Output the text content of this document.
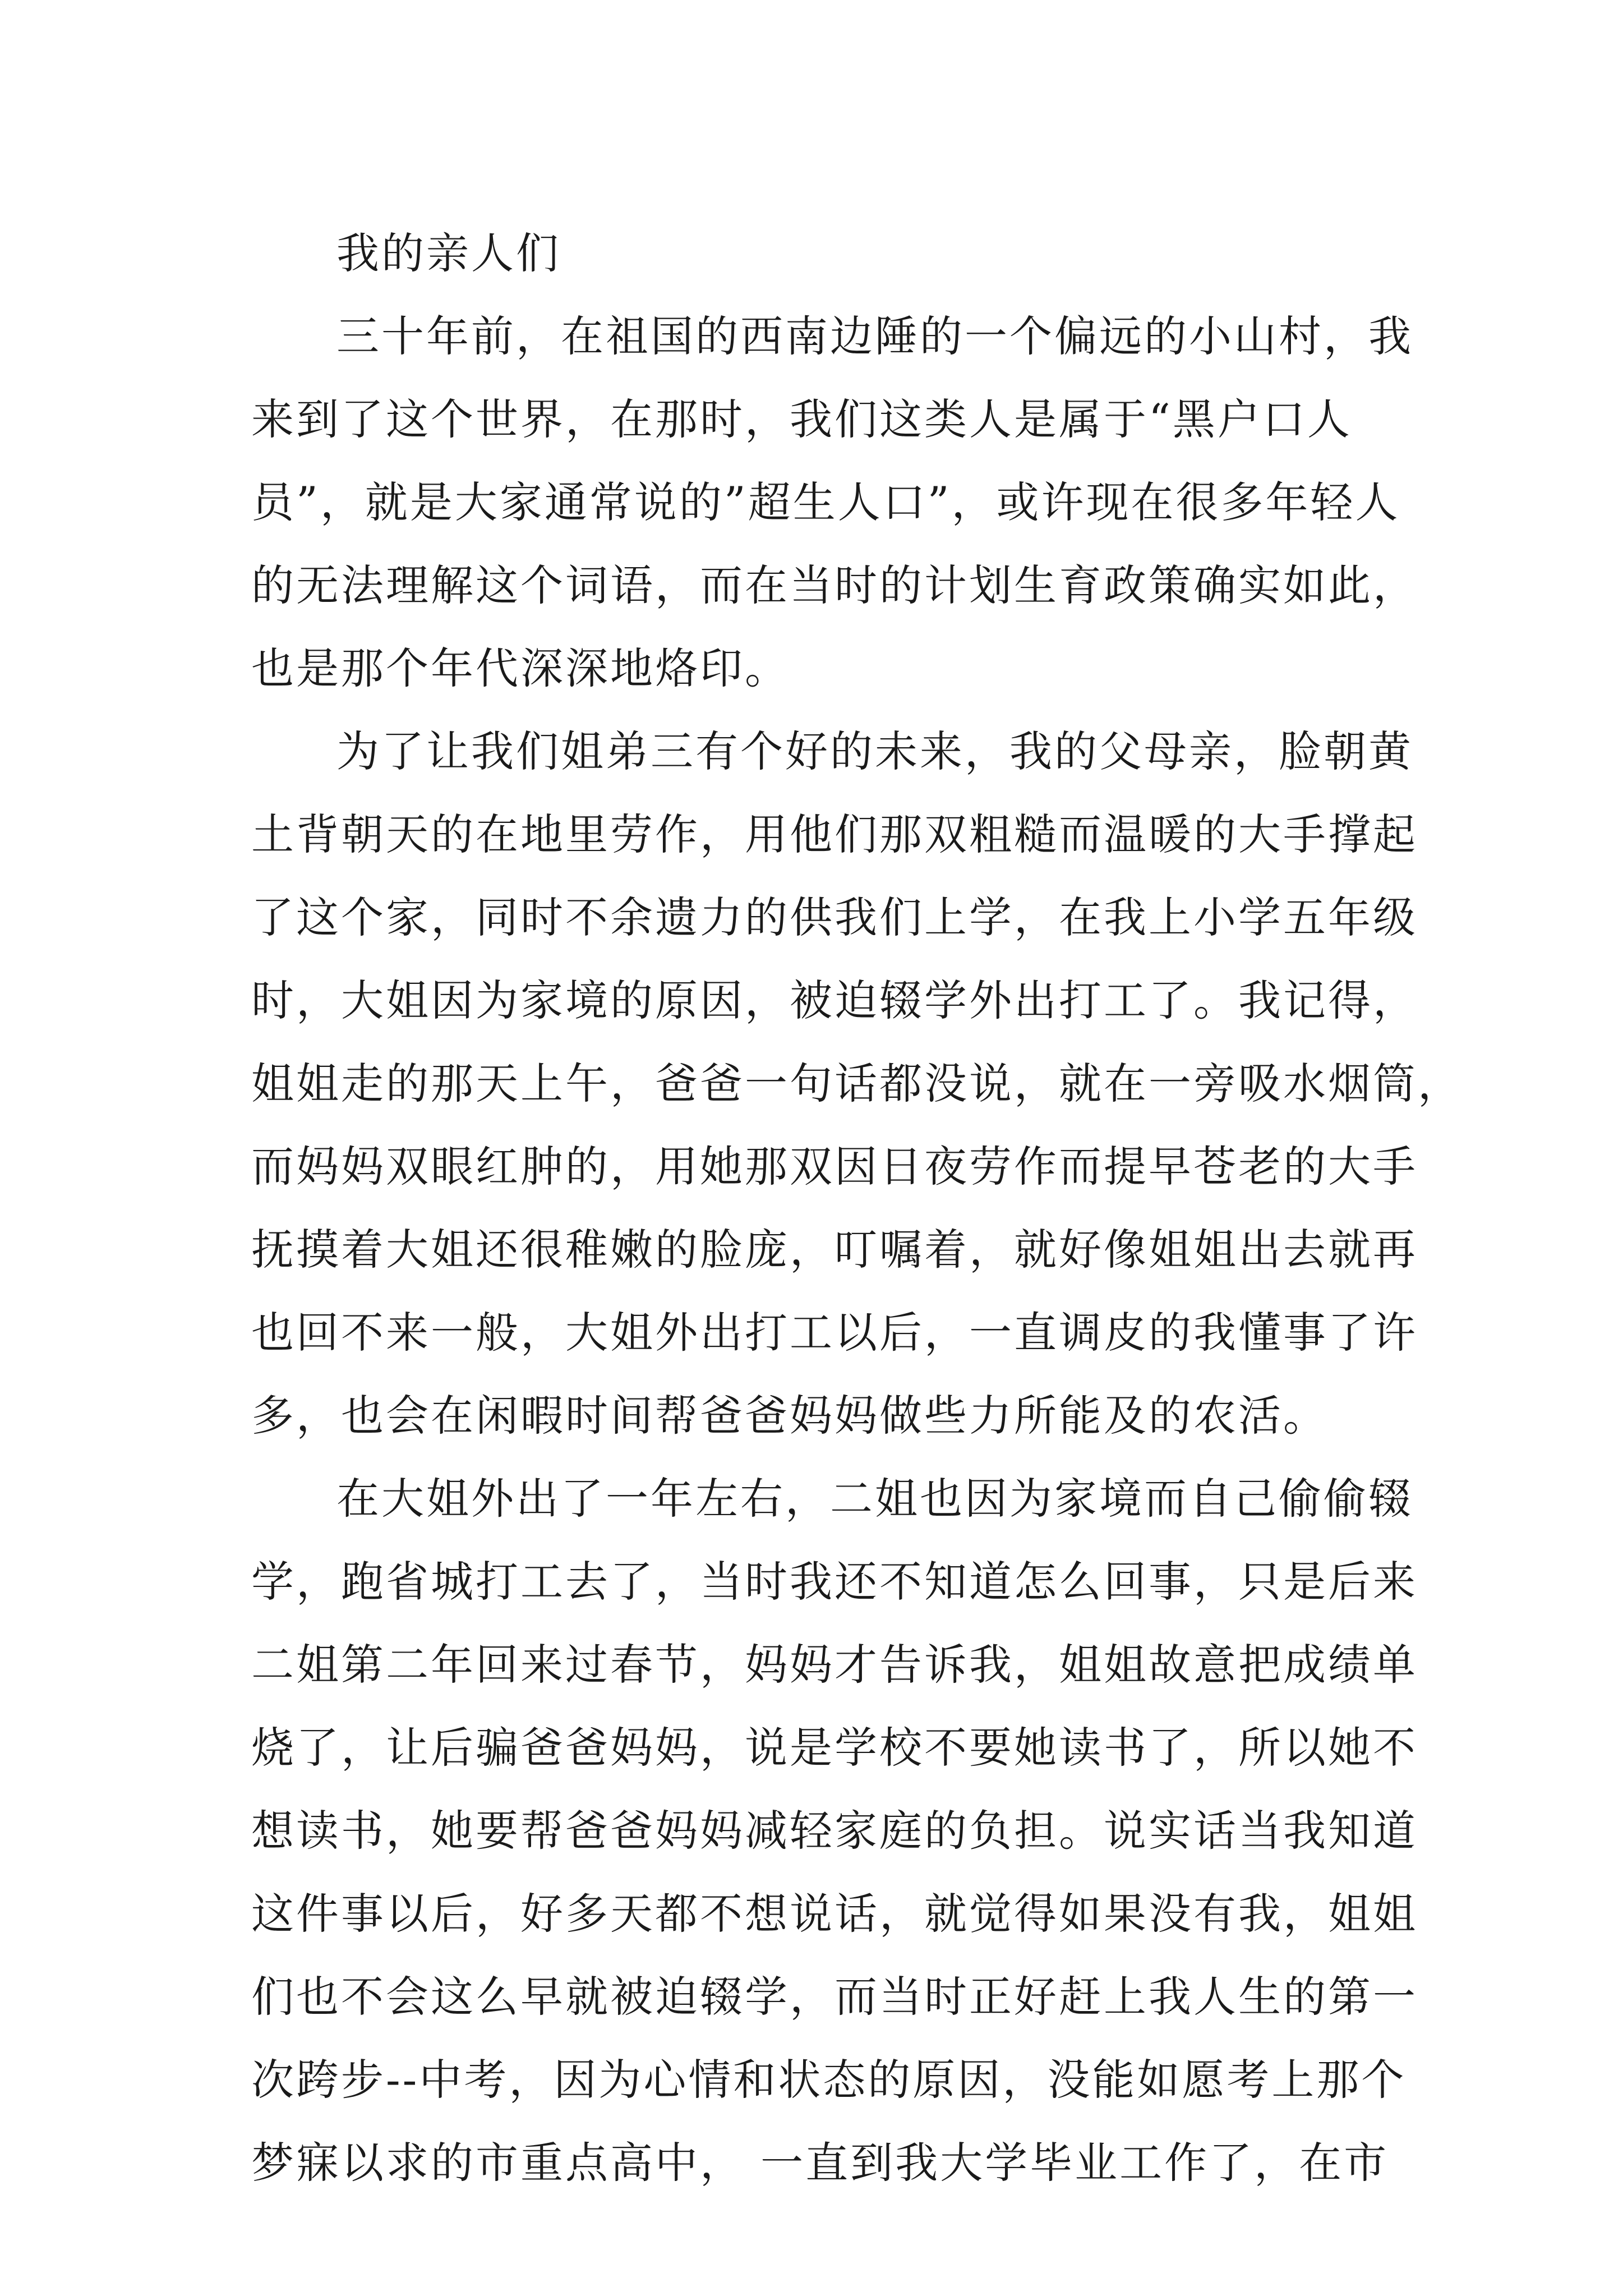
我的亲人们
三十年前，在祖国的西南边陲的一个偏远的小山村，我
来到了这个世界，在那时，我们这类人是属于“黑户口人
员”，就是大家通常说的”超生人口”，或许现在很多年轻人
的无法理解这个词语，而在当时的计划生育政策确实如此，
也是那个年代深深地烙印。
为了让我们姐弟三有个好的未来，我的父母亲，脸朝黄
土背朝天的在地里劳作，用他们那双粗糙而温暖的大手撑起
了这个家，同时不余遗力的供我们上学，在我上小学五年级
时，大姐因为家境的原因，被迫辍学外出打工了。我记得，
姐姐走的那天上午，爸爸一句话都没说，就在一旁吸水烟筒，
而妈妈双眼红肿的，用她那双因日夜劳作而提早苍老的大手
抚摸着大姐还很稚嫩的脸庞，叮嘱着，就好像姐姐出去就再
也回不来一般，大姐外出打工以后，一直调皮的我懂事了许
多，也会在闲暇时间帮爸爸妈妈做些力所能及的农活。
在大姐外出了一年左右，二姐也因为家境而自己偷偷辍
学，跑省城打工去了，当时我还不知道怎么回事，只是后来
二姐第二年回来过春节，妈妈才告诉我，姐姐故意把成绩单
烧了，让后骗爸爸妈妈，说是学校不要她读书了，所以她不
想读书，她要帮爸爸妈妈减轻家庭的负担。说实话当我知道
这件事以后，好多天都不想说话，就觉得如果没有我，姐姐
们也不会这么早就被迫辍学，而当时正好赶上我人生的第一
次跨步--中考，因为心情和状态的原因，没能如愿考上那个
梦寐以求的市重点高中， 一直到我大学毕业工作了，在市
